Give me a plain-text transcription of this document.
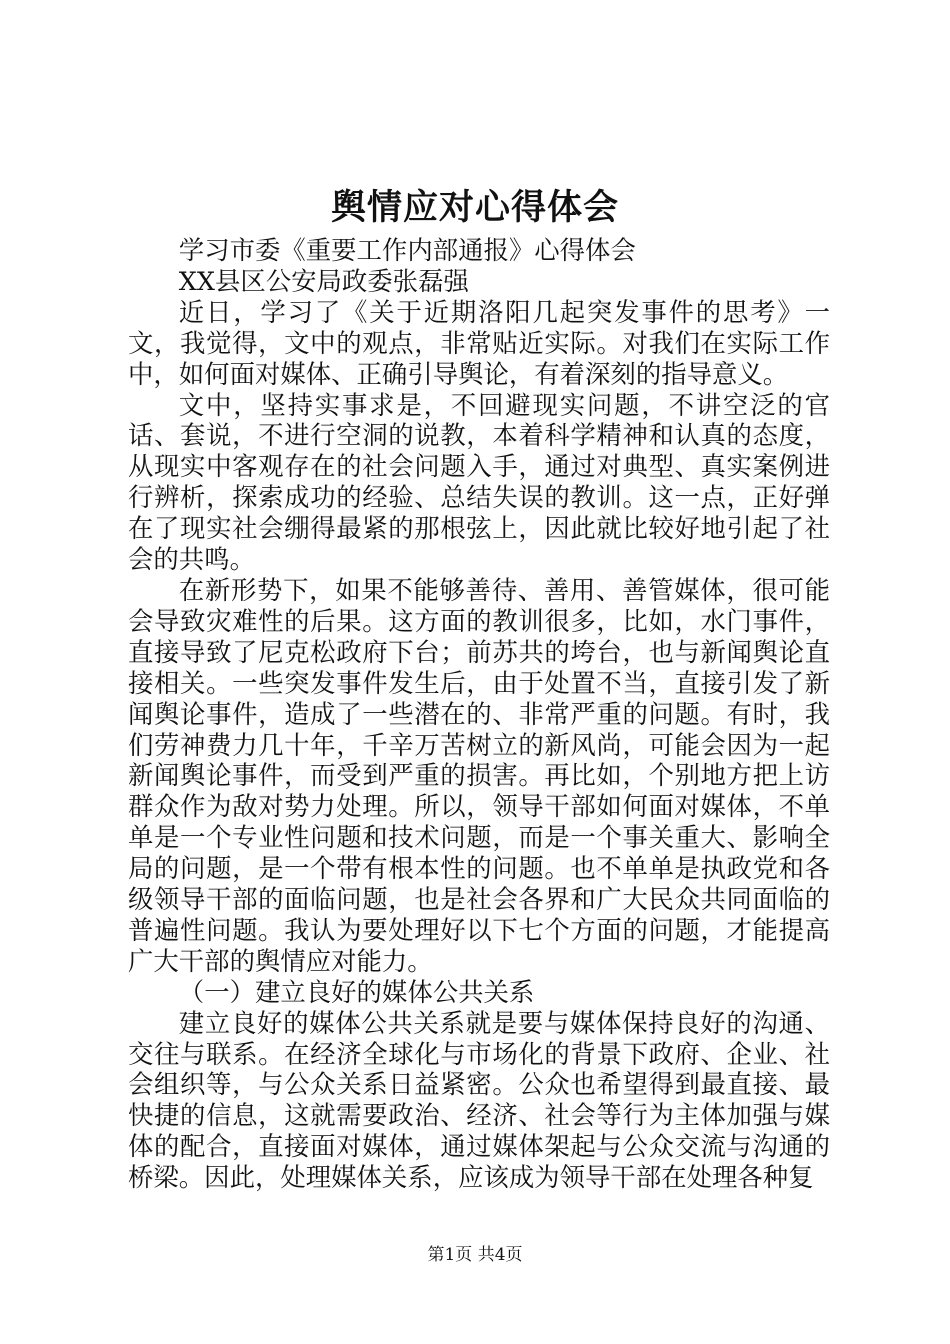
舆情应对心得体会

学习市委《重要工作内部通报》心得体会

XX县区公安局政委张磊强

近日，学习了《关于近期洛阳几起突发事件的思考》一文，我觉得，文中的观点，非常贴近实际。对我们在实际工作中，如何面对媒体、正确引导舆论，有着深刻的指导意义。

文中，坚持实事求是，不回避现实问题，不讲空泛的官话、套说，不进行空洞的说教，本着科学精神和认真的态度，从现实中客观存在的社会问题入手，通过对典型、真实案例进行辨析，探索成功的经验、总结失误的教训。这一点，正好弹在了现实社会绷得最紧的那根弦上，因此就比较好地引起了社会的共鸣。

在新形势下，如果不能够善待、善用、善管媒体，很可能会导致灾难性的后果。这方面的教训很多，比如，水门事件，直接导致了尼克松政府下台；前苏共的垮台，也与新闻舆论直接相关。一些突发事件发生后，由于处置不当，直接引发了新闻舆论事件，造成了一些潜在的、非常严重的问题。有时，我们劳神费力几十年，千辛万苦树立的新风尚，可能会因为一起新闻舆论事件，而受到严重的损害。再比如，个别地方把上访群众作为敌对势力处理。所以，领导干部如何面对媒体，不单单是一个专业性问题和技术问题，而是一个事关重大、影响全局的问题，是一个带有根本性的问题。也不单单是执政党和各级领导干部的面临问题，也是社会各界和广大民众共同面临的普遍性问题。我认为要处理好以下七个方面的问题，才能提高广大干部的舆情应对能力。

（一）建立良好的媒体公共关系

建立良好的媒体公共关系就是要与媒体保持良好的沟通、交往与联系。在经济全球化与市场化的背景下政府、企业、社会组织等，与公众关系日益紧密。公众也希望得到最直接、最快捷的信息，这就需要政治、经济、社会等行为主体加强与媒体的配合，直接面对媒体，通过媒体架起与公众交流与沟通的桥梁。因此，处理媒体关系，应该成为领导干部在处理各种复

第1页 共4页
